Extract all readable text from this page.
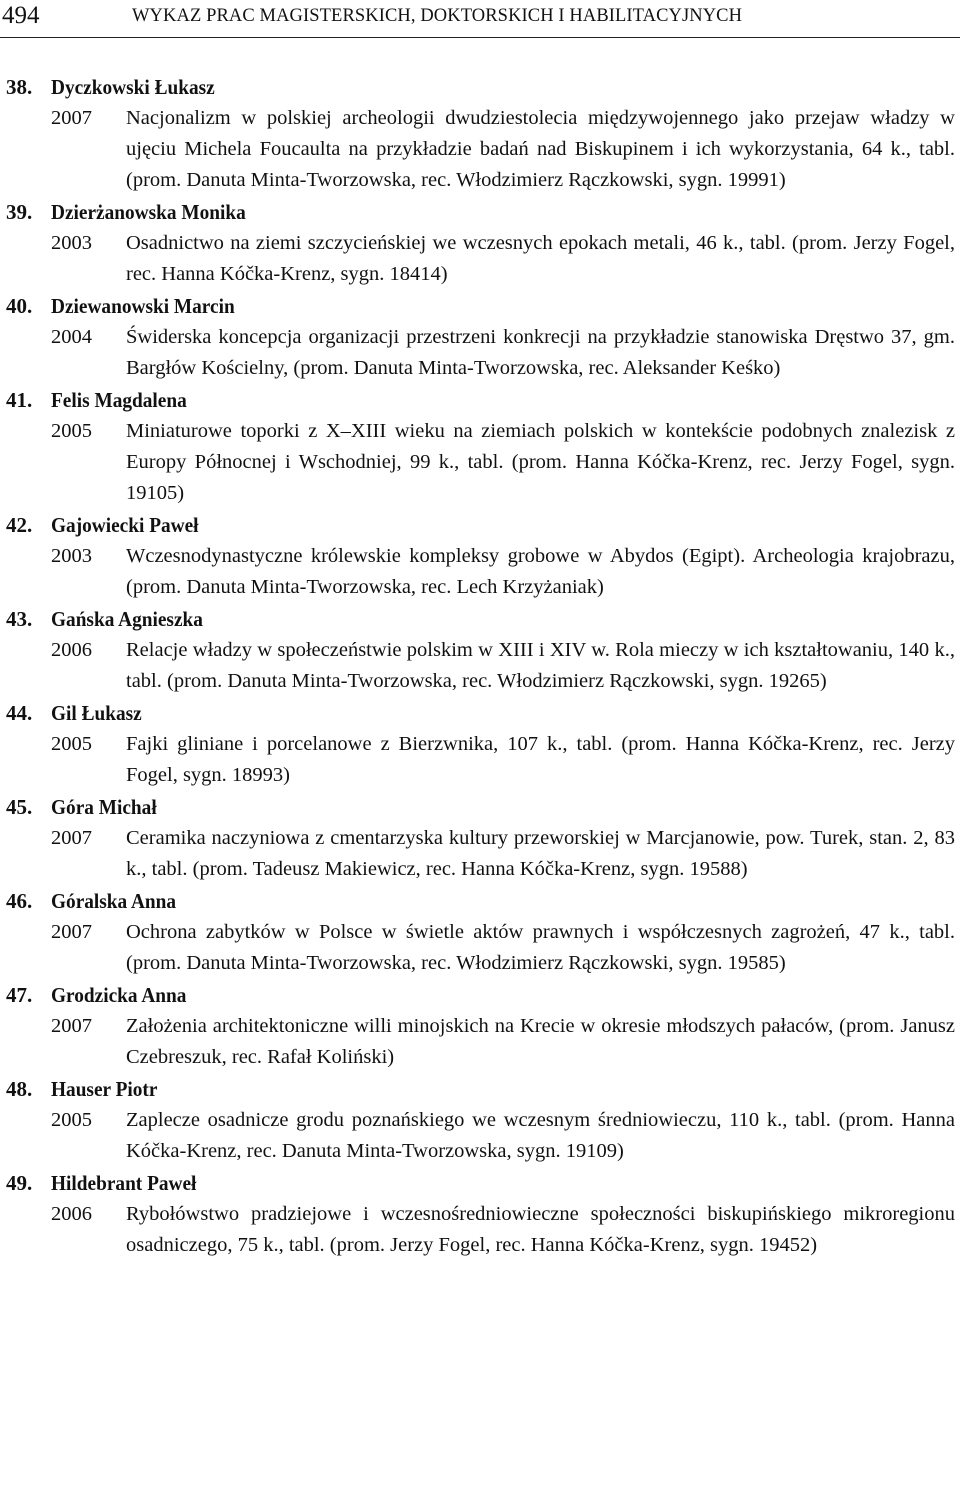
494	WYKAZ PRAC MAGISTERSKICH, DOKTORSKICH I HABILITACYJNYCH
38. Dyczkowski Łukasz
2007 Nacjonalizm w polskiej archeologii dwudziestolecia międzywojennego jako przejaw władzy w ujęciu Michela Foucaulta na przykładzie badań nad Biskupinem i ich wykorzystania, 64 k., tabl. (prom. Danuta Minta-Tworzowska, rec. Włodzimierz Rączkowski, sygn. 19991)
39. Dzierżanowska Monika
2003 Osadnictwo na ziemi szczycieńskiej we wczesnych epokach metali, 46 k., tabl. (prom. Jerzy Fogel, rec. Hanna Kóčka-Krenz, sygn. 18414)
40. Dziewanowski Marcin
2004 Świderska koncepcja organizacji przestrzeni konkrecji na przykładzie stanowiska Dręstwo 37, gm. Bargłów Kościelny, (prom. Danuta Minta-Tworzowska, rec. Aleksander Keśko)
41. Felis Magdalena
2005 Miniaturowe toporki z X–XIII wieku na ziemiach polskich w kontekście podobnych znalezisk z Europy Północnej i Wschodniej, 99 k., tabl. (prom. Hanna Kóčka-Krenz, rec. Jerzy Fogel, sygn. 19105)
42. Gajowiecki Paweł
2003 Wczesnodynastyczne królewskie kompleksy grobowe w Abydos (Egipt). Archeologia krajobrazu, (prom. Danuta Minta-Tworzowska, rec. Lech Krzyżaniak)
43. Gańska Agnieszka
2006 Relacje władzy w społeczeństwie polskim w XIII i XIV w. Rola mieczy w ich kształtowaniu, 140 k., tabl. (prom. Danuta Minta-Tworzowska, rec. Włodzimierz Rączkowski, sygn. 19265)
44. Gil Łukasz
2005 Fajki gliniane i porcelanowe z Bierzwnika, 107 k., tabl. (prom. Hanna Kóčka-Krenz, rec. Jerzy Fogel, sygn. 18993)
45. Góra Michał
2007 Ceramika naczyniowa z cmentarzyska kultury przeworskiej w Marcjanowie, pow. Turek, stan. 2, 83 k., tabl. (prom. Tadeusz Makiewicz, rec. Hanna Kóčka-Krenz, sygn. 19588)
46. Góralska Anna
2007 Ochrona zabytków w Polsce w świetle aktów prawnych i współczesnych zagrożeń, 47 k., tabl. (prom. Danuta Minta-Tworzowska, rec. Włodzimierz Rączkowski, sygn. 19585)
47. Grodzicka Anna
2007 Założenia architektoniczne willi minojskich na Krecie w okresie młodszych pałaców, (prom. Janusz Czebreszuk, rec. Rafał Koliński)
48. Hauser Piotr
2005 Zaplecze osadnicze grodu poznańskiego we wczesnym średniowieczu, 110 k., tabl. (prom. Hanna Kóčka-Krenz, rec. Danuta Minta-Tworzowska, sygn. 19109)
49. Hildebrant Paweł
2006 Rybołówstwo pradziejowe i wczesnośredniowieczne społeczności biskupińskiego mikroregionu osadniczego, 75 k., tabl. (prom. Jerzy Fogel, rec. Hanna Kóčka-Krenz, sygn. 19452)
